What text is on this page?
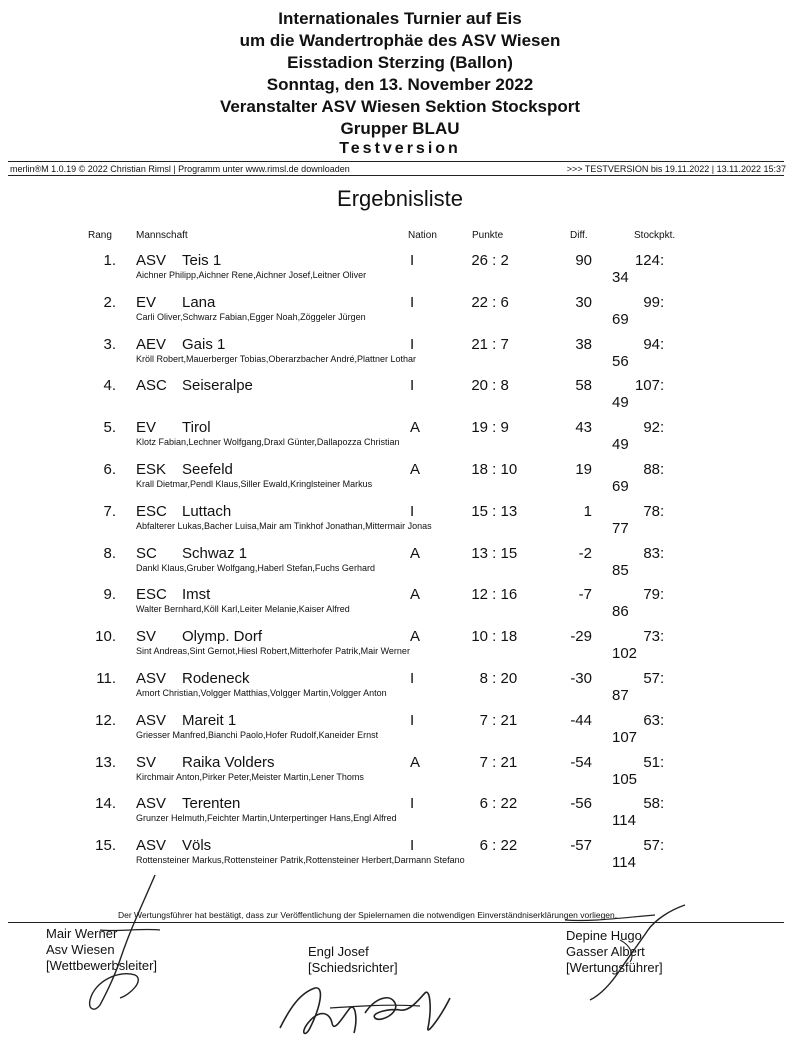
Internationales Turnier auf Eis
um die Wandertrophäe des ASV Wiesen
Eisstadion Sterzing (Ballon)
Sonntag, den 13. November 2022
Veranstalter ASV Wiesen Sektion Stocksport
Grupper BLAU
Testversion
merlin®M 1.0.19 © 2022 Christian Rimsl | Programm unter www.rimsl.de downloaden	>>> TESTVERSION bis 19.11.2022 | 13.11.2022 15:37
Ergebnisliste
Rang Mannschaft	Nation	Punkte	Diff.	Stockpkt.
1. ASV Teis 1	I	26 : 2	90	124: 34
Aichner Philipp,Aichner Rene,Aichner Josef,Leitner Oliver
2. EV Lana	I	22 : 6	30	99: 69
Carli Oliver,Schwarz Fabian,Egger Noah,Zöggeler Jürgen
3. AEV Gais 1	I	21 : 7	38	94: 56
Kröll Robert,Mauerberger Tobias,Oberarzbacher André,Plattner Lothar
4. ASC Seiseralpe	I	20 : 8	58	107: 49
5. EV Tirol	A	19 : 9	43	92: 49
Klotz Fabian,Lechner Wolfgang,Draxl Günter,Dallapozza Christian
6. ESK Seefeld	A	18 : 10	19	88: 69
Krall Dietmar,Pendl Klaus,Siller Ewald,Kringlsteiner Markus
7. ESC Luttach	I	15 : 13	1	78: 77
Abfalterer Lukas,Bacher Luisa,Mair am Tinkhof Jonathan,Mittermair Jonas
8. SC Schwaz 1	A	13 : 15	-2	83: 85
Dankl Klaus,Gruber Wolfgang,Haberl Stefan,Fuchs Gerhard
9. ESC Imst	A	12 : 16	-7	79: 86
Walter Bernhard,Köll Karl,Leiter Melanie,Kaiser Alfred
10. SV Olymp. Dorf	A	10 : 18	-29	73: 102
Sint Andreas,Sint Gernot,Hiesl Robert,Mitterhofer Patrik,Mair Werner
11. ASV Rodeneck	I	8 : 20	-30	57: 87
Amort Christian,Volgger Matthias,Volgger Martin,Volgger Anton
12. ASV Mareit 1	I	7 : 21	-44	63: 107
Griesser Manfred,Bianchi Paolo,Hofer Rudolf,Kaneider Ernst
13. SV Raika Volders	A	7 : 21	-54	51: 105
Kirchmair Anton,Pirker Peter,Meister Martin,Lener Thoms
14. ASV Terenten	I	6 : 22	-56	58: 114
Grunzer Helmuth,Feichter Martin,Unterpertinger Hans,Engl Alfred
15. ASV Völs	I	6 : 22	-57	57: 114
Rottensteiner Markus,Rottensteiner Patrik,Rottensteiner Herbert,Darmann Stefano
Der Wertungsführer hat bestätigt, dass zur Veröffentlichung der Spielernamen die notwendigen Einverständniserklärungen vorliegen.
Mair Werner
Asv Wiesen
[Wettbewerbsleiter]
Engl Josef
[Schiedsrichter]
Depine Hugo
Gasser Albert
[Wertungsführer]
